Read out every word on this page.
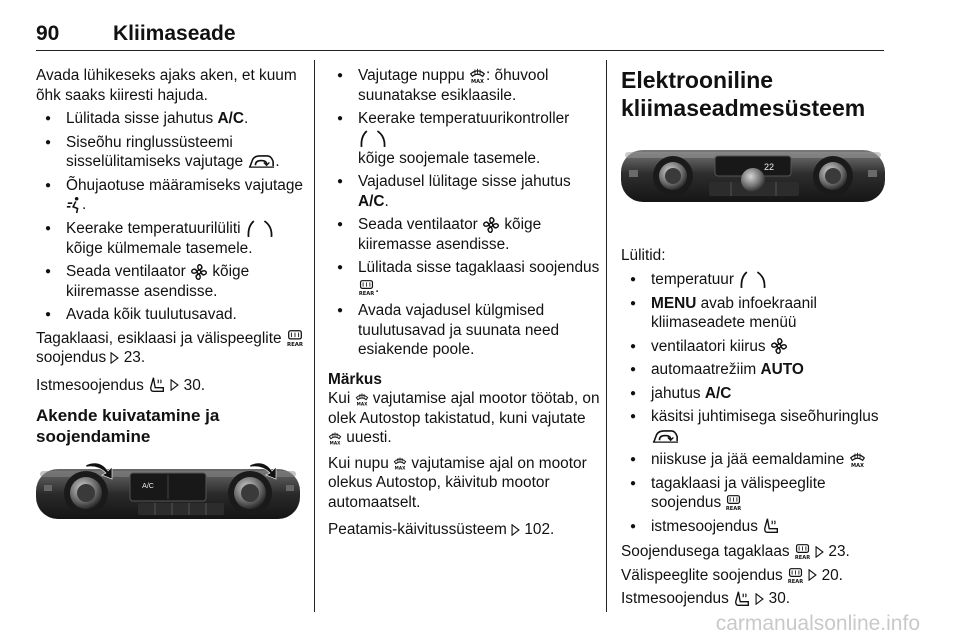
90	Kliimaseade

Avada lühikeseks ajaks aken, et kuum õhk saaks kiiresti hajuda.

● Lülitada sisse jahutus A/C.

● Siseõhu ringlussüsteemi sisselülitamiseks vajutage .

● Õhujaotuse määramiseks vajutage .

● Keerake temperatuurilüliti
kõige külmemale tasemele.

● Seada ventilaator  kõige kiiremasse asendisse.

● Avada kõik tuulutusavad.

Tagaklaasi, esiklaasi ja välispeeglite  soojendus  23.

Istmesoojendus   30.

Akende kuivatamine ja soojendamine

A/C

● Vajutage nuppu : õhuvool suunatakse esiklaasile.

● Keerake temperatuurikontroller
kõige soojemale tasemele.

● Vajadusel lülitage sisse jahutus A/C.

● Seada ventilaator  kõige kiiremasse asendisse.

● Lülitada sisse tagaklaasi soojendus .

● Avada vajadusel külgmised tuulutusavad ja suunata need esiakende poole.

Märkus

Kui  vajutamise ajal mootor töötab, on olek Autostop takistatud, kuni vajutate  uuesti.

Kui nupu  vajutamise ajal on mootor olekus Autostop, käivitub mootor automaatselt.

Peatamis-käivitussüsteem  102.

Elektrooniline kliimaseadmesüsteem

22

Lülitid:

● temperatuur

● MENU avab infoekraanil kliimaseadete menüü

● ventilaatori kiirus

● automaatrežiim AUTO

● jahutus A/C

● käsitsi juhtimisega siseõhuringlus

● niiskuse ja jää eemaldamine

● tagaklaasi ja välispeeglite soojendus

● istmesoojendus

Soojendusega tagaklaas   23.

Välispeeglite soojendus   20.

Istmesoojendus   30.

carmanualsonline.info
